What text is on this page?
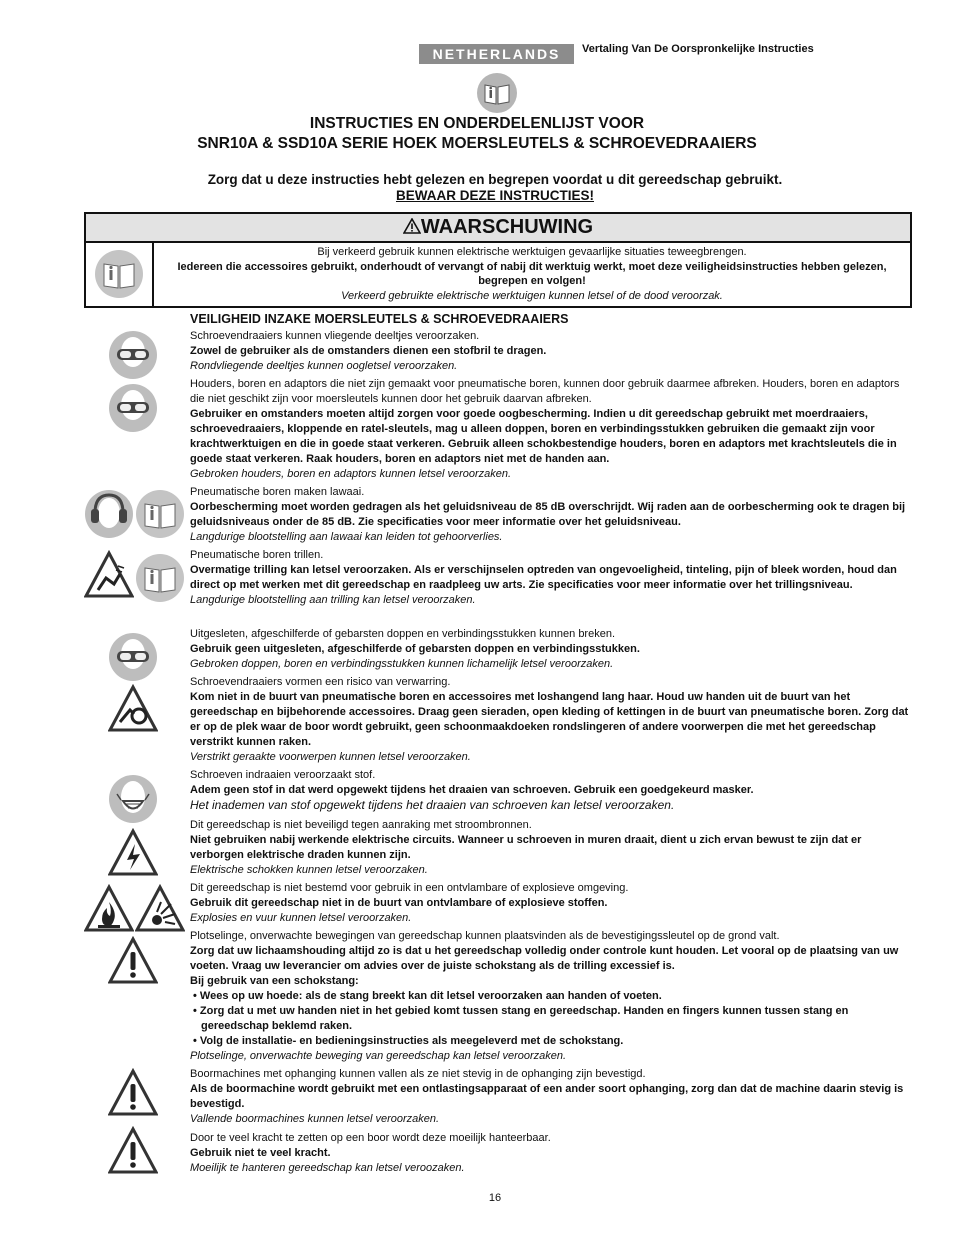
NETHERLANDS	Vertaling Van De Oorspronkelijke Instructies
INSTRUCTIES EN ONDERDELENLIJST VOOR
SNR10A & SSD10A SERIE HOEK MOERSLEUTELS & SCHROEVEDRAAIERS
Zorg dat u deze instructies hebt gelezen en begrepen voordat u dit gereedschap gebruikt.
BEWAAR DEZE INSTRUCTIES!
WAARSCHUWING
Bij verkeerd gebruik kunnen elektrische werktuigen gevaarlijke situaties teweegbrengen.
Iedereen die accessoires gebruikt, onderhoudt of vervangt of nabij dit werktuig werkt, moet deze veiligheidsinstructies hebben gelezen, begrepen en volgen!
Verkeerd gebruikte elektrische werktuigen kunnen letsel of de dood veroorzak.
VEILIGHEID INZAKE MOERSLEUTELS & SCHROEVEDRAAIERS
Schroevendraaiers kunnen vliegende deeltjes veroorzaken.
Zowel de gebruiker als de omstanders dienen een stofbril te dragen.
Rondvliegende deeltjes kunnen oogletsel veroorzaken.
Houders, boren en adaptors die niet zijn gemaakt voor pneumatische boren, kunnen door gebruik daarmee afbreken. Houders, boren en adaptors die niet geschikt zijn voor moersleutels kunnen door het gebruik daarvan afbreken.
Gebruiker en omstanders moeten altijd zorgen voor goede oogbescherming. Indien u dit gereedschap gebruikt met moerdraaiers, schroevedraaiers, kloppende en ratel-sleutels, mag u alleen doppen, boren en verbindingsstukken gebruiken die gemaakt zijn voor krachtwerktuigen en die in goede staat verkeren. Gebruik alleen schokbestendige houders, boren en adaptors met krachtsleutels die in goede staat verkeren. Raak houders, boren en adaptors niet met de handen aan.
Gebroken houders, boren en adaptors kunnen letsel veroorzaken.
Pneumatische boren maken lawaai.
Oorbescherming moet worden gedragen als het geluidsniveau de 85 dB overschrijdt. Wij raden aan de oorbescherming ook te dragen bij geluidsniveaus onder de 85 dB. Zie specificaties voor meer informatie over het geluidsniveau.
Langdurige blootstelling aan lawaai kan leiden tot gehoorverlies.
Pneumatische boren trillen.
Overmatige trilling kan letsel veroorzaken. Als er verschijnselen optreden van ongevoeligheid, tinteling, pijn of bleek worden, houd dan direct op met werken met dit gereedschap en raadpleeg uw arts. Zie specificaties voor meer informatie over het trillingsniveau.
Langdurige blootstelling aan trilling kan letsel veroorzaken.
Uitgesleten, afgeschilferde of gebarsten doppen en verbindingsstukken kunnen breken.
Gebruik geen uitgesleten, afgeschilferde of gebarsten doppen en verbindingsstukken.
Gebroken doppen, boren en verbindingsstukken kunnen lichamelijk letsel veroorzaken.
Schroevendraaiers vormen een risico van verwarring.
Kom niet in de buurt van pneumatische boren en accessoires met loshangend lang haar. Houd uw handen uit de buurt van het gereedschap en bijbehorende accessoires. Draag geen sieraden, open kleding of kettingen in de buurt van pneumatische boren. Zorg dat er op de plek waar de boor wordt gebruikt, geen schoonmaakdoeken rondslingeren of andere voorwerpen die met het gereedschap verstrikt kunnen raken.
Verstrikt geraakte voorwerpen kunnen letsel veroorzaken.
Schroeven indraaien veroorzaakt stof.
Adem geen stof in dat werd opgewekt tijdens het draaien van schroeven. Gebruik een goedgekeurd masker.
Het inademen van stof opgewekt tijdens het draaien van schroeven kan letsel veroorzaken.
Dit gereedschap is niet beveiligd tegen aanraking met stroombronnen.
Niet gebruiken nabij werkende elektrische circuits. Wanneer u schroeven in muren draait, dient u zich ervan bewust te zijn dat er verborgen elektrische draden kunnen zijn.
Elektrische schokken kunnen letsel veroorzaken.
Dit gereedschap is niet bestemd voor gebruik in een ontvlambare of explosieve omgeving.
Gebruik dit gereedschap niet in de buurt van ontvlambare of explosieve stoffen.
Explosies en vuur kunnen letsel veroorzaken.
Plotselinge, onverwachte bewegingen van gereedschap kunnen plaatsvinden als de bevestigingssleutel op de grond valt.
Zorg dat uw lichaamshouding altijd zo is dat u het gereedschap volledig onder controle kunt houden. Let vooral op de plaatsing van uw voeten. Vraag uw leverancier om advies over de juiste schokstang als de trilling excessief is.
Bij gebruik van een schokstang:
• Wees op uw hoede: als de stang breekt kan dit letsel veroorzaken aan handen of voeten.
• Zorg dat u met uw handen niet in het gebied komt tussen stang en gereedschap. Handen en fingers kunnen tussen stang en gereedschap beklemd raken.
• Volg de installatie- en bedieningsinstructies als meegeleverd met de schokstang.
Plotselinge, onverwachte beweging van gereedschap kan letsel veroorzaken.
Boormachines met ophanging kunnen vallen als ze niet stevig in de ophanging zijn bevestigd.
Als de boormachine wordt gebruikt met een ontlastingsapparaat of een ander soort ophanging, zorg dan dat de machine daarin stevig is bevestigd.
Vallende boormachines kunnen letsel veroorzaken.
Door te veel kracht te zetten op een boor wordt deze moeilijk hanteerbaar.
Gebruik niet te veel kracht.
Moeilijk te hanteren gereedschap kan letsel veroozaken.
16
